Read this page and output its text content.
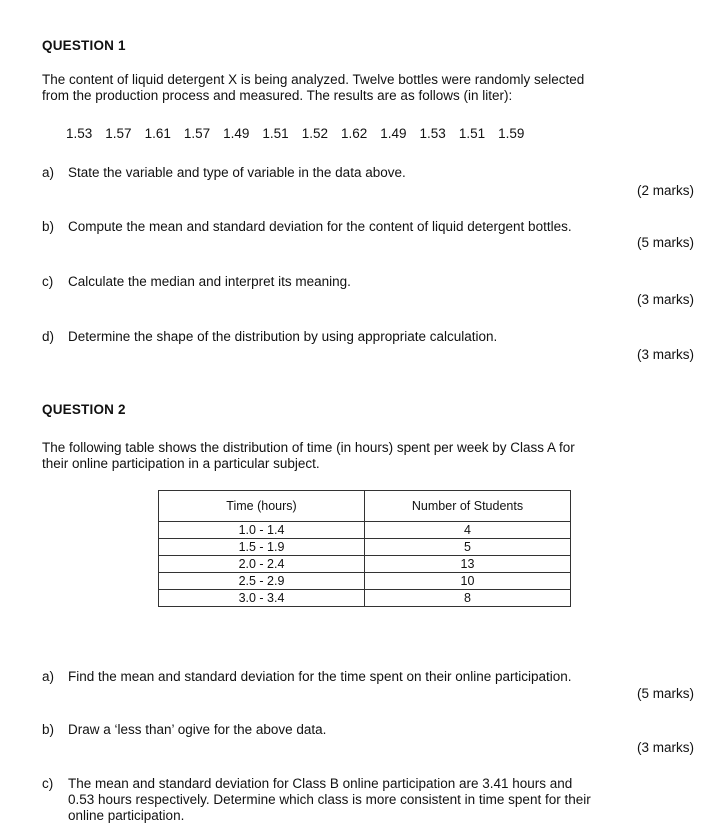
QUESTION 1
The content of liquid detergent X is being analyzed. Twelve bottles were randomly selected
from the production process and measured. The results are as follows (in liter):
1.53 1.57 1.61 1.57 1.49 1.51 1.52 1.62 1.49 1.53 1.51 1.59
a)	State the variable and type of variable in the data above.
(2 marks)
b)	Compute the mean and standard deviation for the content of liquid detergent bottles.
(5 marks)
c)	Calculate the median and interpret its meaning.
(3 marks)
d)	Determine the shape of the distribution by using appropriate calculation.
(3 marks)
QUESTION 2
The following table shows the distribution of time (in hours) spent per week by Class A for
their online participation in a particular subject.
Time (hours)	Number of Students
1.0 - 1.4	4
1.5 - 1.9	5
2.0 - 2.4	13
2.5 - 2.9	10
3.0 - 3.4	8
a)	Find the mean and standard deviation for the time spent on their online participation.
(5 marks)
b)	Draw a ‘less than’ ogive for the above data.
(3 marks)
c)	The mean and standard deviation for Class B online participation are 3.41 hours and
0.53 hours respectively. Determine which class is more consistent in time spent for their
online participation.
